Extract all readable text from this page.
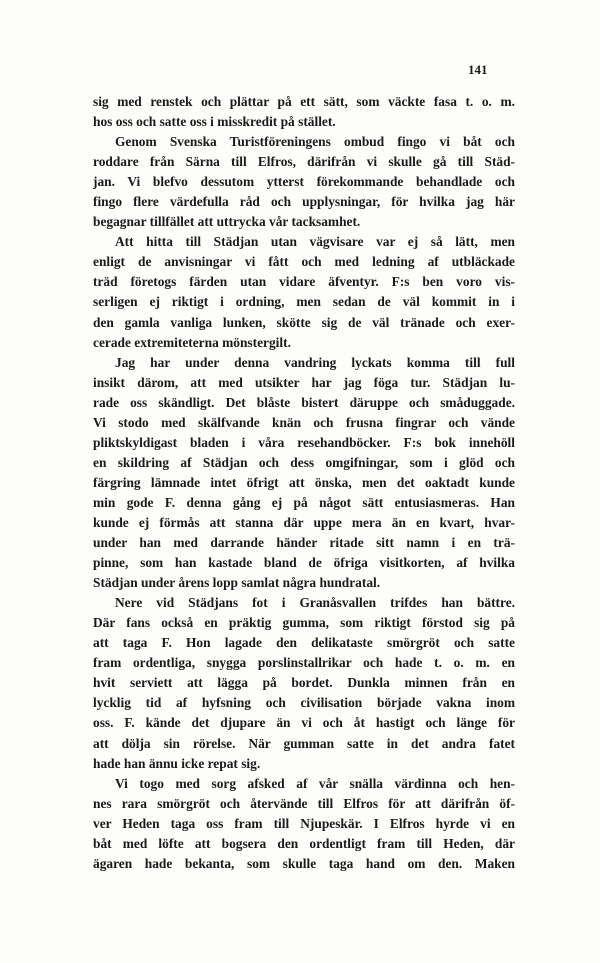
141
sig med renstek och plättar på ett sätt, som väckte fasa t. o. m.
hos oss och satte oss i misskredit på stället.
Genom Svenska Turistföreningens ombud fingo vi båt och
roddare från Särna till Elfros, därifrån vi skulle gå till Städ-
jan. Vi blefvo dessutom ytterst förekommande behandlade och
fingo flere värdefulla råd och upplysningar, för hvilka jag här
begagnar tillfället att uttrycka vår tacksamhet.
Att hitta till Städjan utan vägvisare var ej så lätt, men
enligt de anvisningar vi fått och med ledning af utbläckade
träd företogs färden utan vidare äfventyr. F:s ben voro vis-
serligen ej riktigt i ordning, men sedan de väl kommit in i
den gamla vanliga lunken, skötte sig de väl tränade och exer-
cerade extremiteterna mönstergilt.
Jag har under denna vandring lyckats komma till full
insikt därom, att med utsikter har jag föga tur. Städjan lu-
rade oss skändligt. Det blåste bistert däruppe och småduggade.
Vi stodo med skälfvande knän och frusna fingrar och vände
pliktskyldigast bladen i våra resehandböcker. F:s bok innehöll
en skildring af Städjan och dess omgifningar, som i glöd och
färgring lämnade intet öfrigt att önska, men det oaktadt kunde
min gode F. denna gång ej på något sätt entusiasmeras. Han
kunde ej förmås att stanna där uppe mera än en kvart, hvar-
under han med darrande händer ritade sitt namn i en trä-
pinne, som han kastade bland de öfriga visitkorten, af hvilka
Städjan under årens lopp samlat några hundratal.
Nere vid Städjans fot i Granåsvallen trifdes han bättre.
Där fans också en präktig gumma, som riktigt förstod sig på
att taga F. Hon lagade den delikataste smörgröt och satte
fram ordentliga, snygga porslinstallrikar och hade t. o. m. en
hvit serviett att lägga på bordet. Dunkla minnen från en
lycklig tid af hyfsning och civilisation började vakna inom
oss. F. kände det djupare än vi och åt hastigt och länge för
att dölja sin rörelse. När gumman satte in det andra fatet
hade han ännu icke repat sig.
Vi togo med sorg afsked af vår snälla värdinna och hen-
nes rara smörgröt och återvände till Elfros för att därifrån öf-
ver Heden taga oss fram till Njupeskär. I Elfros hyrde vi en
båt med löfte att bogsera den ordentligt fram till Heden, där
ägaren hade bekanta, som skulle taga hand om den. Maken
